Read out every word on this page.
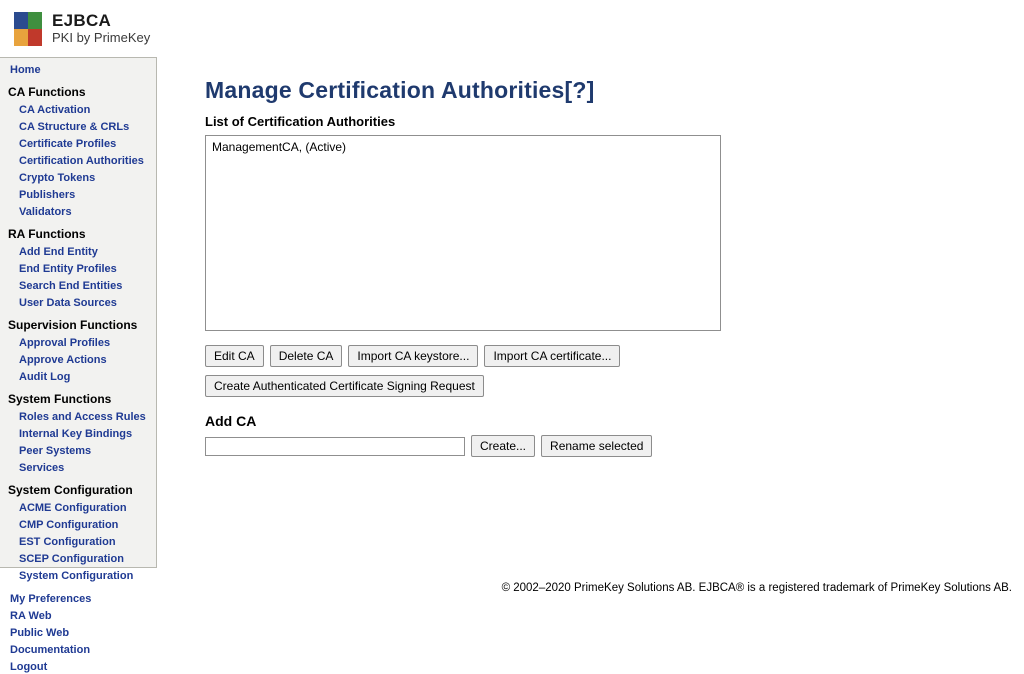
EJBCA
PKI by PrimeKey
Home
CA Functions
CA Activation
CA Structure & CRLs
Certificate Profiles
Certification Authorities
Crypto Tokens
Publishers
Validators
RA Functions
Add End Entity
End Entity Profiles
Search End Entities
User Data Sources
Supervision Functions
Approval Profiles
Approve Actions
Audit Log
System Functions
Roles and Access Rules
Internal Key Bindings
Peer Systems
Services
System Configuration
ACME Configuration
CMP Configuration
EST Configuration
SCEP Configuration
System Configuration
My Preferences
RA Web
Public Web
Documentation
Logout
Manage Certification Authorities[?]
List of Certification Authorities
ManagementCA, (Active)
Edit CA	Delete CA	Import CA keystore...	Import CA certificate...
Create Authenticated Certificate Signing Request
Add CA
Create...	Rename selected
© 2002–2020 PrimeKey Solutions AB. EJBCA® is a registered trademark of PrimeKey Solutions AB.
